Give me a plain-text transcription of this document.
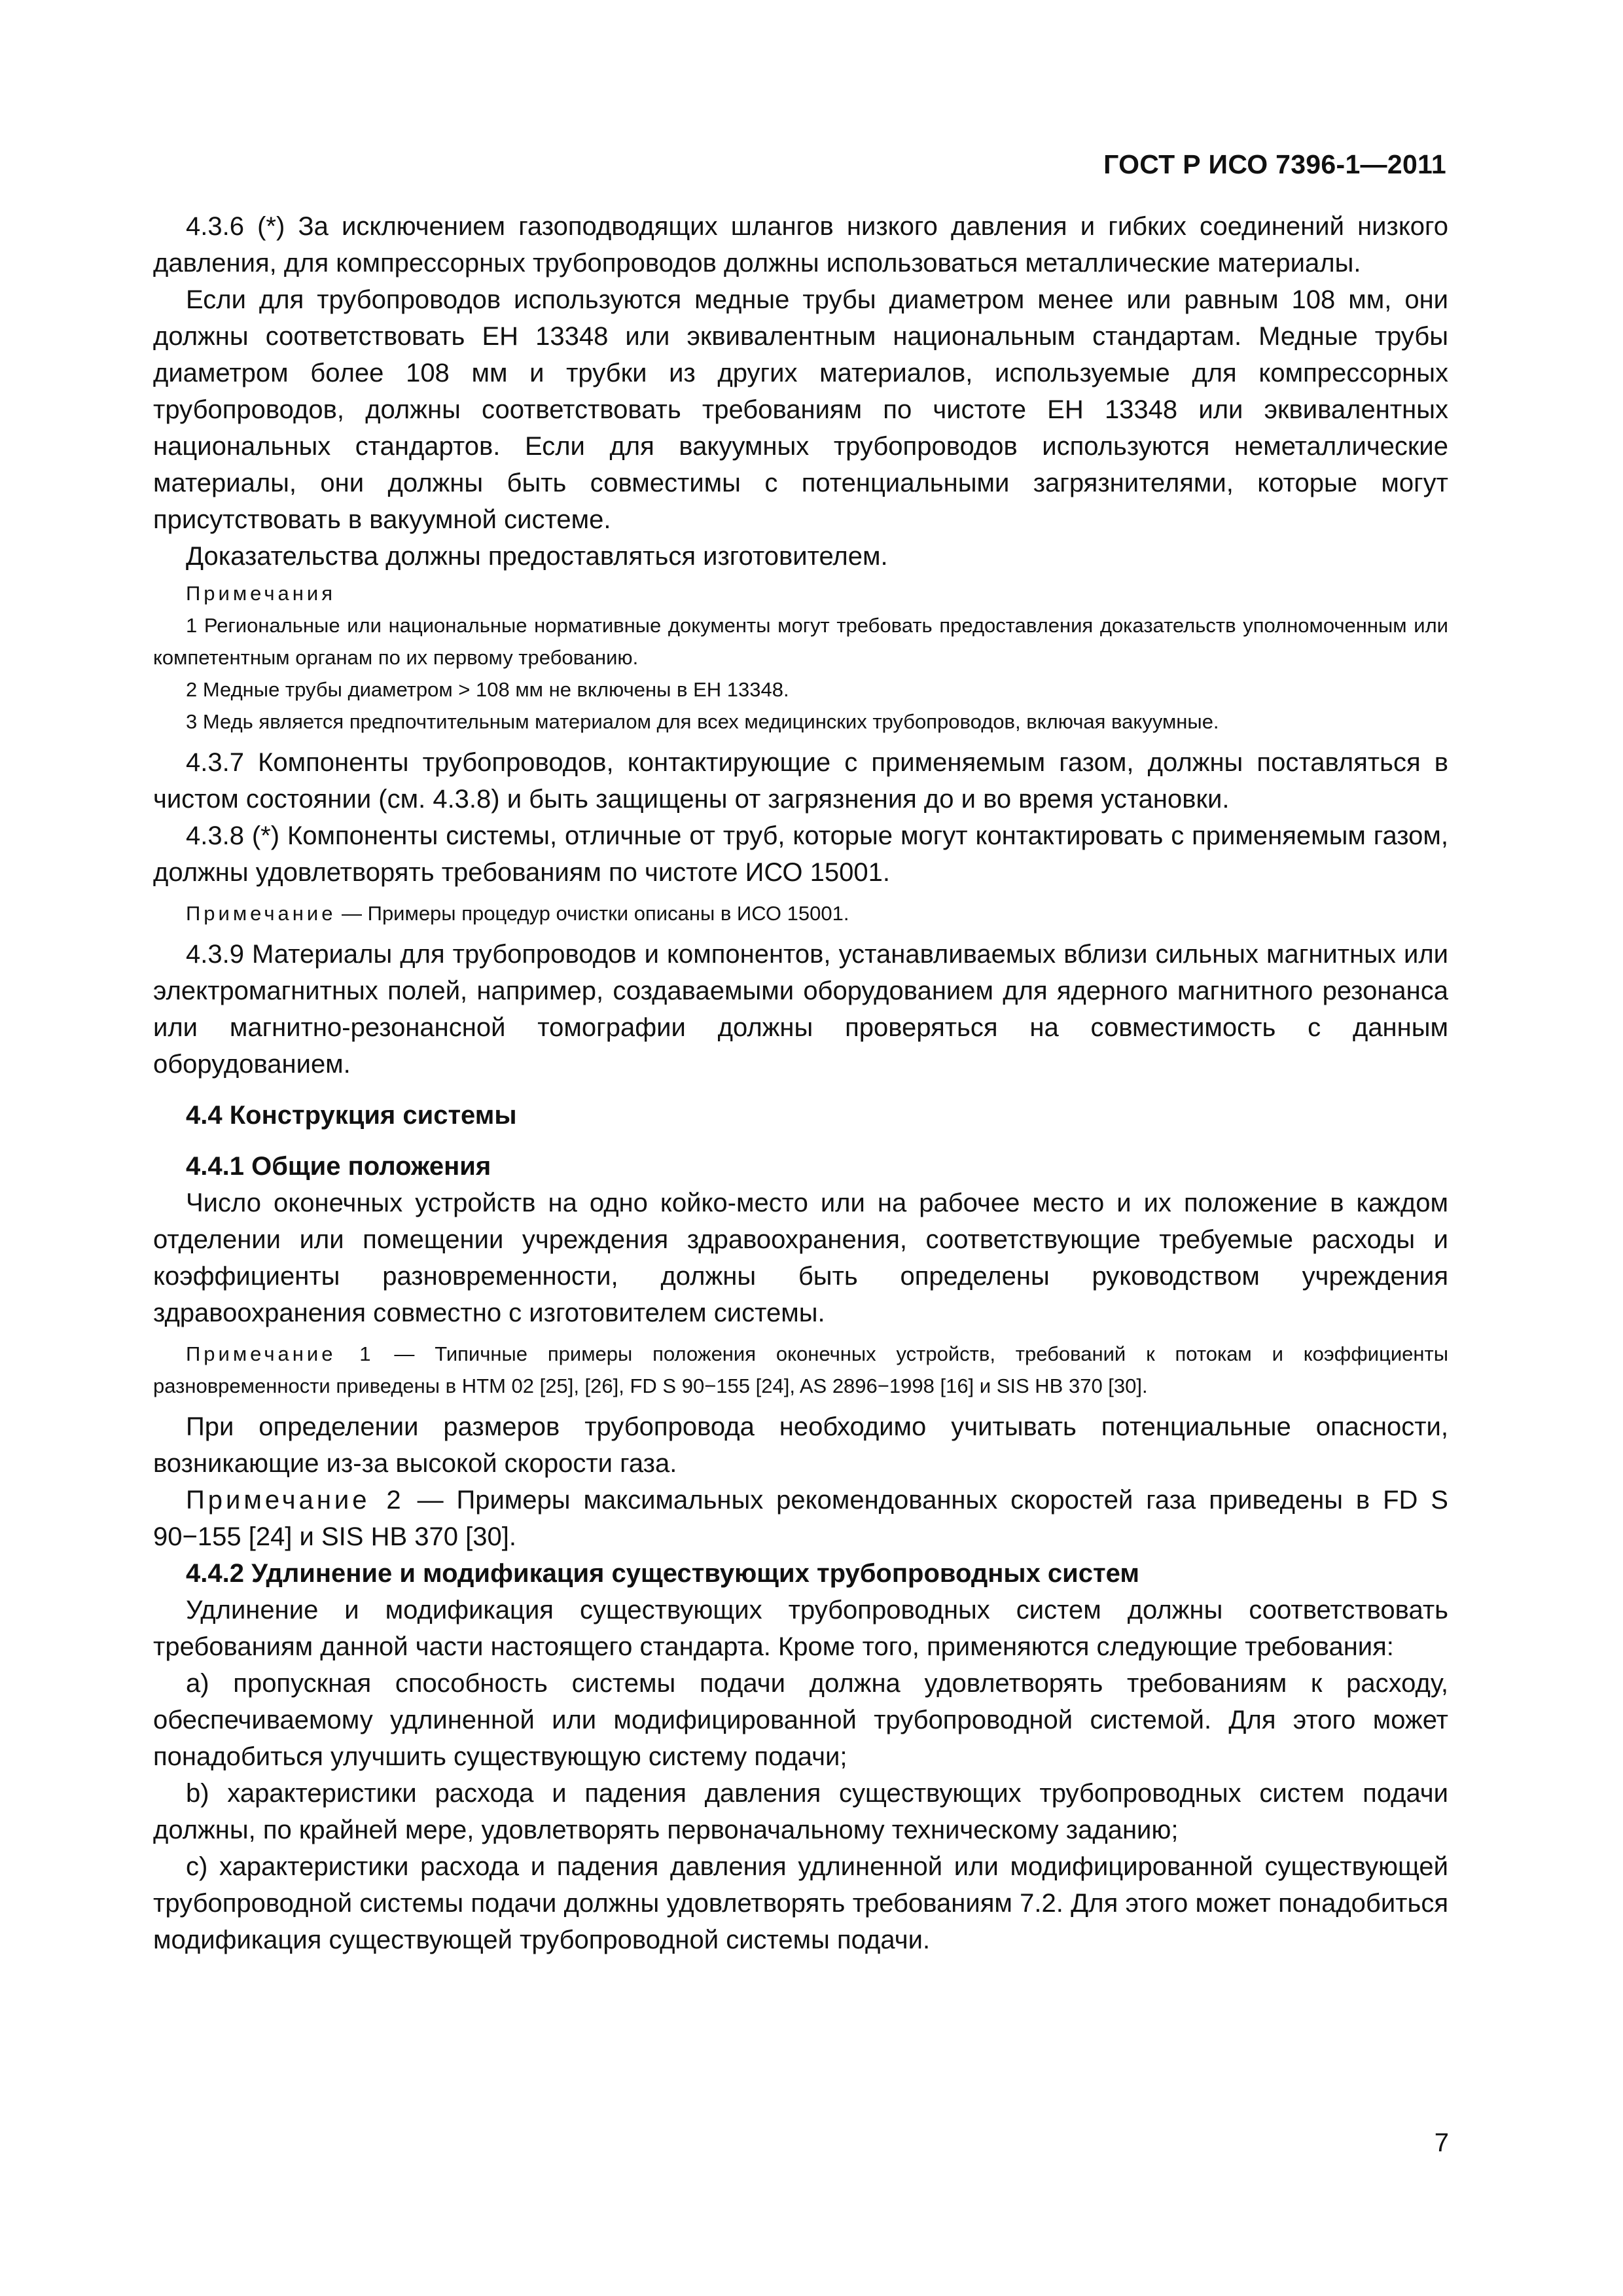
ГОСТ Р ИСО 7396-1—2011

4.3.6 (*) За исключением газоподводящих шлангов низкого давления и гибких соединений низкого давления, для компрессорных трубопроводов должны использоваться металлические материалы.

Если для трубопроводов используются медные трубы диаметром менее или равным 108 мм, они должны соответствовать ЕН 13348 или эквивалентным национальным стандартам. Медные трубы диаметром более 108 мм и трубки из других материалов, используемые для компрессорных трубопроводов, должны соответствовать требованиям по чистоте ЕН 13348 или эквивалентных национальных стандартов. Если для вакуумных трубопроводов используются неметаллические материалы, они должны быть совместимы с потенциальными загрязнителями, которые могут присутствовать в вакуумной системе.

Доказательства должны предоставляться изготовителем.

Примечания

1 Региональные или национальные нормативные документы могут требовать предоставления доказательств уполномоченным или компетентным органам по их первому требованию.

2 Медные трубы диаметром > 108 мм не включены в ЕН 13348.

3 Медь является предпочтительным материалом для всех медицинских трубопроводов, включая вакуумные.

4.3.7 Компоненты трубопроводов, контактирующие с применяемым газом, должны поставляться в чистом состоянии (см. 4.3.8) и быть защищены от загрязнения до и во время установки.

4.3.8 (*) Компоненты системы, отличные от труб, которые могут контактировать с применяемым газом, должны удовлетворять требованиям по чистоте ИСО 15001.

Примечание — Примеры процедур очистки описаны в ИСО 15001.

4.3.9 Материалы для трубопроводов и компонентов, устанавливаемых вблизи сильных магнитных или электромагнитных полей, например, создаваемыми оборудованием для ядерного магнитного резонанса или магнитно-резонансной томографии должны проверяться на совместимость с данным оборудованием.

4.4 Конструкция системы

4.4.1 Общие положения

Число оконечных устройств на одно койко-место или на рабочее место и их положение в каждом отделении или помещении учреждения здравоохранения, соответствующие требуемые расходы и коэффициенты разновременности, должны быть определены руководством учреждения здравоохранения совместно с изготовителем системы.

Примечание 1 — Типичные примеры положения оконечных устройств, требований к потокам и коэффициенты разновременности приведены в НТМ 02 [25], [26], FD S 90−155 [24], AS 2896−1998 [16] и SIS HB 370 [30].

При определении размеров трубопровода необходимо учитывать потенциальные опасности, возникающие из-за высокой скорости газа.

Примечание 2 — Примеры максимальных рекомендованных скоростей газа приведены в FD S 90−155 [24] и SIS HB 370 [30].

4.4.2 Удлинение и модификация существующих трубопроводных систем

Удлинение и модификация существующих трубопроводных систем должны соответствовать требованиям данной части настоящего стандарта. Кроме того, применяются следующие требования:

а) пропускная способность системы подачи должна удовлетворять требованиям к расходу, обеспечиваемому удлиненной или модифицированной трубопроводной системой. Для этого может понадобиться улучшить существующую систему подачи;

b) характеристики расхода и падения давления существующих трубопроводных систем подачи должны, по крайней мере, удовлетворять первоначальному техническому заданию;

с) характеристики расхода и падения давления удлиненной или модифицированной существующей трубопроводной системы подачи должны удовлетворять требованиям 7.2. Для этого может понадобиться модификация существующей трубопроводной системы подачи.

7
